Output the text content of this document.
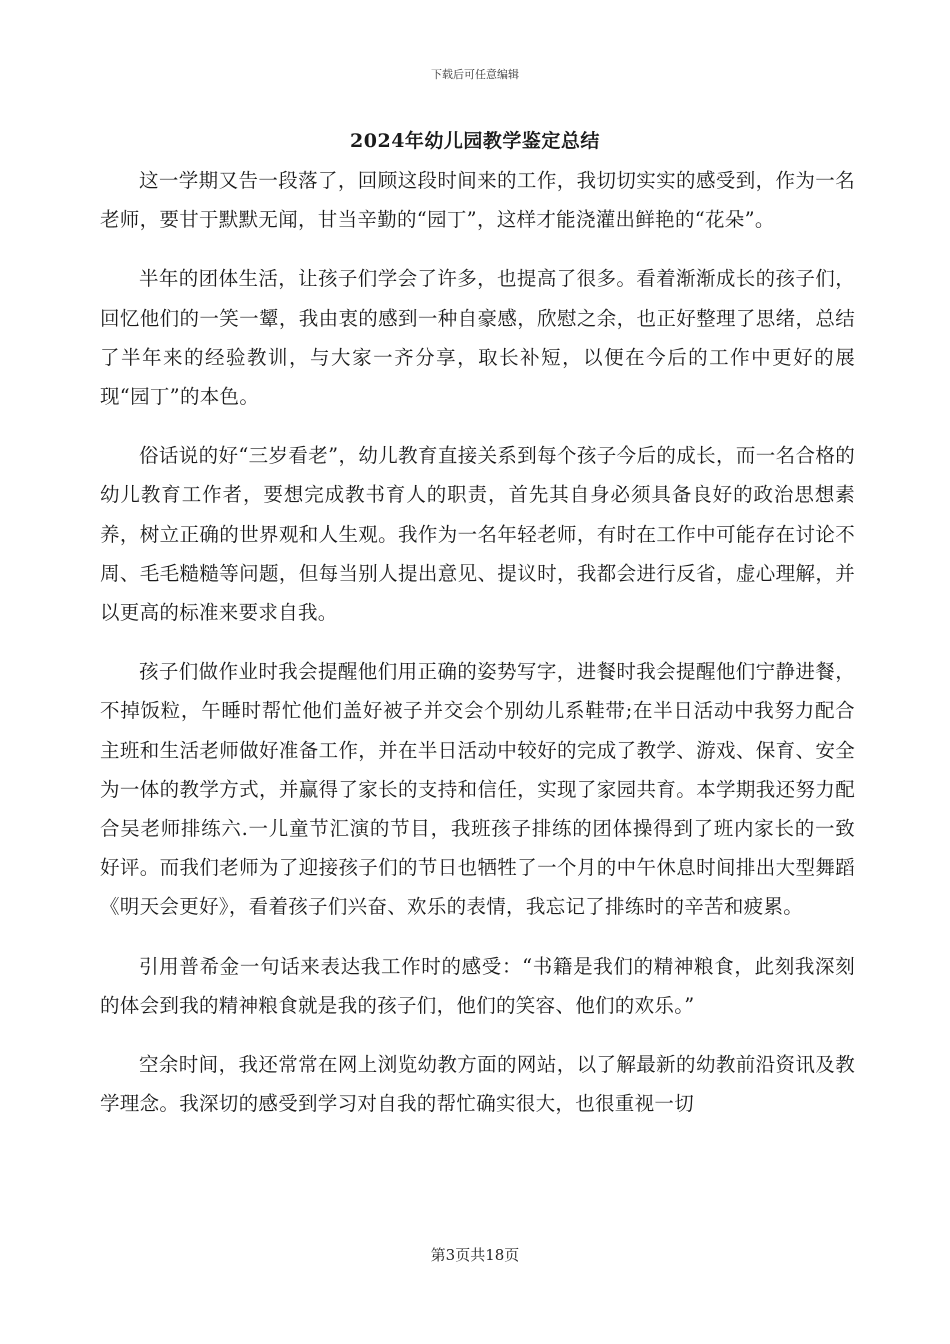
下载后可任意编辑
2024年幼儿园教学鉴定总结

这一学期又告一段落了，回顾这段时间来的工作，我切切实实的感受到，作为一名老师，要甘于默默无闻，甘当辛勤的“园丁”，这样才能浇灌出鲜艳的“花朵”。

半年的团体生活，让孩子们学会了许多，也提高了很多。看着渐渐成长的孩子们，回忆他们的一笑一颦，我由衷的感到一种自豪感，欣慰之余，也正好整理了思绪，总结了半年来的经验教训，与大家一齐分享，取长补短，以便在今后的工作中更好的展现“园丁”的本色。

俗话说的好“三岁看老”，幼儿教育直接关系到每个孩子今后的成长，而一名合格的幼儿教育工作者，要想完成教书育人的职责，首先其自身必须具备良好的政治思想素养，树立正确的世界观和人生观。我作为一名年轻老师，有时在工作中可能存在讨论不周、毛毛糙糙等问题，但每当别人提出意见、提议时，我都会进行反省，虚心理解，并以更高的标准来要求自我。

孩子们做作业时我会提醒他们用正确的姿势写字，进餐时我会提醒他们宁静进餐，不掉饭粒，午睡时帮忙他们盖好被子并交会个别幼儿系鞋带;在半日活动中我努力配合主班和生活老师做好准备工作，并在半日活动中较好的完成了教学、游戏、保育、安全为一体的教学方式，并赢得了家长的支持和信任，实现了家园共育。本学期我还努力配合吴老师排练六.一儿童节汇演的节目，我班孩子排练的团体操得到了班内家长的一致好评。而我们老师为了迎接孩子们的节日也牺牲了一个月的中午休息时间排出大型舞蹈《明天会更好》，看着孩子们兴奋、欢乐的表情，我忘记了排练时的辛苦和疲累。

引用普希金一句话来表达我工作时的感受：“书籍是我们的精神粮食，此刻我深刻的体会到我的精神粮食就是我的孩子们，他们的笑容、他们的欢乐。”

空余时间，我还常常在网上浏览幼教方面的网站，以了解最新的幼教前沿资讯及教学理念。我深切的感受到学习对自我的帮忙确实很大，也很重视一切

第3页共18页
